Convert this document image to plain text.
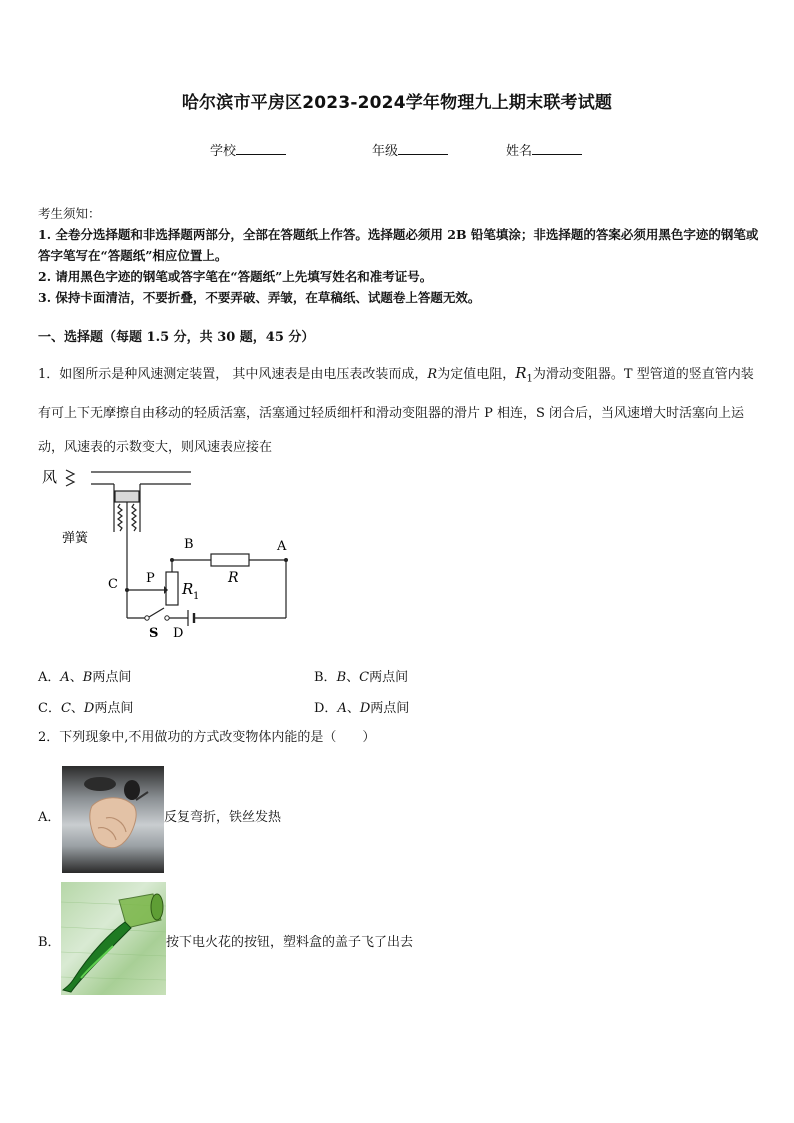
哈尔滨市平房区2023-2024学年物理九上期末联考试题
学校	年级	姓名
考生须知：
1. 全卷分选择题和非选择题两部分，全部在答题纸上作答。选择题必须用 2B 铅笔填涂；非选择题的答案必须用黑色字迹的钢笔或答字笔写在“答题纸”相应位置上。
2. 请用黑色字迹的钢笔或答字笔在“答题纸”上先填写姓名和准考证号。
3. 保持卡面清洁，不要折叠，不要弄破、弄皱，在草稿纸、试题卷上答题无效。
一、选择题（每题 1.5 分，共 30 题，45 分）
1．如图所示是种风速测定装置， 其中风速表是由电压表改装而成，R为定值电阻，$R_1$为滑动变阻器。T 型管道的竖直管内装有可上下无摩擦自由移动的轻质活塞，活塞通过轻质细杆和滑动变阻器的滑片 P 相连，S 闭合后，当风速增大时活塞向上运动，风速表的示数变大，则风速表应接在
风
弹簧	B	A
C P
S D
R 1
R
A．A、B两点间	B．B、C两点间
C．C、D两点间	D．A、D两点间
2．下列现象中,不用做功的方式改变物体内能的是（　　）
A．	反复弯折，铁丝发热
B．	按下电火花的按钮，塑料盒的盖子飞了出去
